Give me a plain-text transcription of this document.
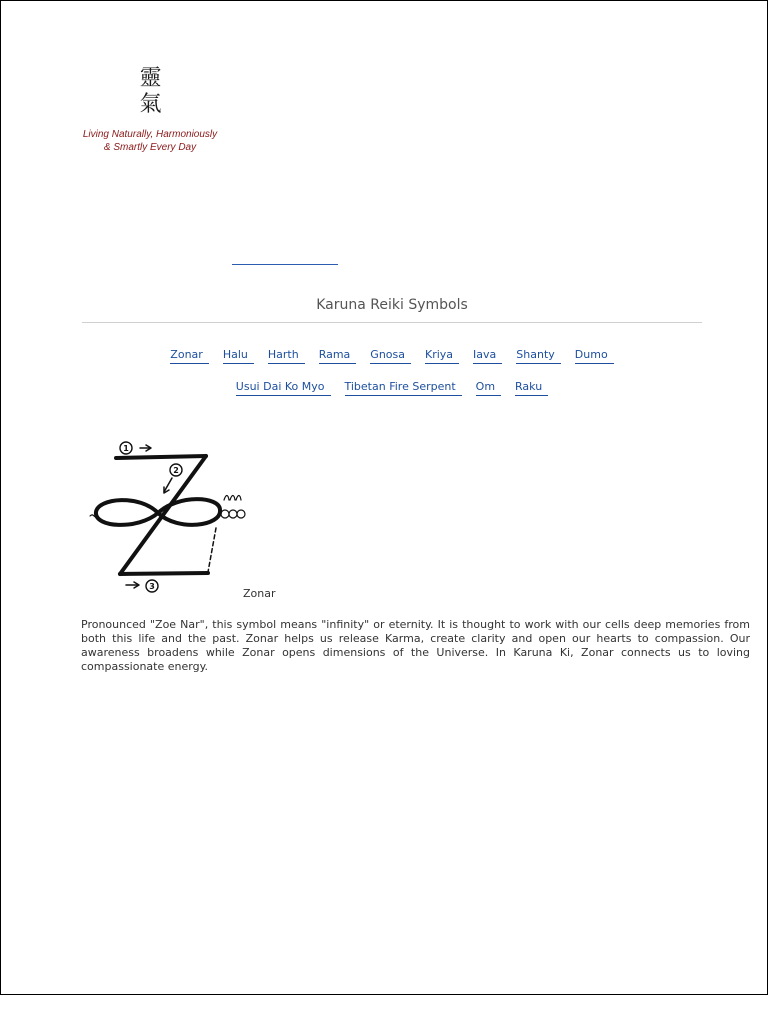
靈氣
Living Naturally, Harmoniously
& Smartly Every Day
Karuna Reiki Symbols
Zonar Halu Harth Rama Gnosa Kriya Iava Shanty Dumo
Usui Dai Ko Myo Tibetan Fire Serpent Om Raku
1
2
3
Zonar
Pronounced "Zoe Nar", this symbol means "infinity" or eternity. It is thought to work with our cells deep memories from both this life and the past. Zonar helps us release Karma, create clarity and open our hearts to compassion. Our awareness broadens while Zonar opens dimensions of the Universe. In Karuna Ki, Zonar connects us to loving compassionate energy.
